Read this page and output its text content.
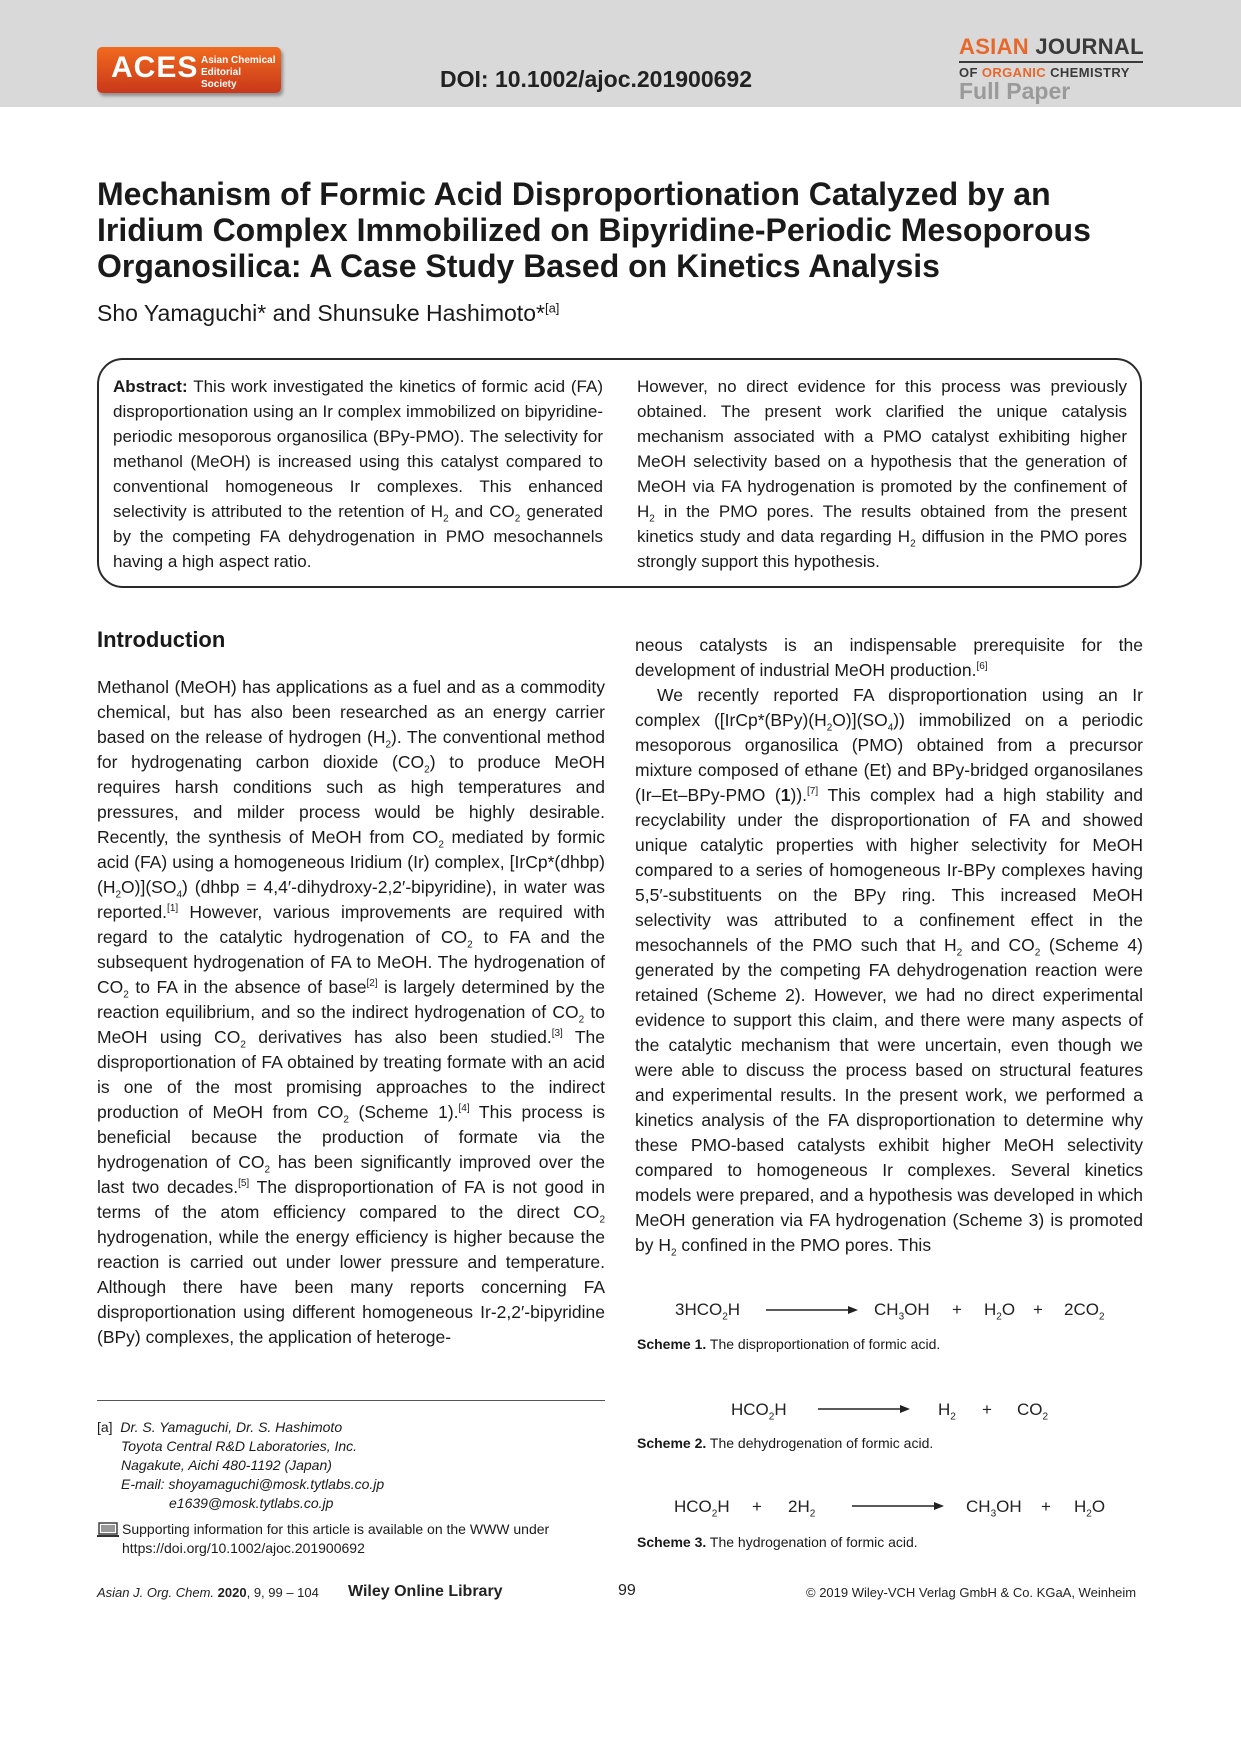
ACES Asian Chemical Editorial Society	DOI: 10.1002/ajoc.201900692
ASIAN JOURNAL
OF ORGANIC CHEMISTRY
Full Paper
Mechanism of Formic Acid Disproportionation Catalyzed by an Iridium Complex Immobilized on Bipyridine-Periodic Mesoporous Organosilica: A Case Study Based on Kinetics Analysis
Sho Yamaguchi* and Shunsuke Hashimoto*[a]
Abstract: This work investigated the kinetics of formic acid (FA) disproportionation using an Ir complex immobilized on bipyridine-periodic mesoporous organosilica (BPy-PMO). The selectivity for methanol (MeOH) is increased using this catalyst compared to conventional homogeneous Ir complexes. This enhanced selectivity is attributed to the retention of $H_2$ and $CO_2$ generated by the competing FA dehydrogenation in PMO mesochannels having a high aspect ratio.
However, no direct evidence for this process was previously obtained. The present work clarified the unique catalysis mechanism associated with a PMO catalyst exhibiting higher MeOH selectivity based on a hypothesis that the generation of MeOH via FA hydrogenation is promoted by the confinement of $H_2$ in the PMO pores. The results obtained from the present kinetics study and data regarding $H_2$ diffusion in the PMO pores strongly support this hypothesis.
Introduction

Methanol (MeOH) has applications as a fuel and as a commodity chemical, but has also been researched as an energy carrier based on the release of hydrogen $(H_2)$. The conventional method for hydrogenating carbon dioxide $(CO_2)$ to produce MeOH requires harsh conditions such as high temperatures and pressures, and milder process would be highly desirable. Recently, the synthesis of MeOH from $CO_2$ mediated by formic acid (FA) using a homogeneous Iridium (Ir) complex, $[IrCp*(dhbp)(H_2O)](SO_4)$ (dhbp = 4,4′-dihydroxy-2,2′-bipyridine), in water was reported.[1] However, various improvements are required with regard to the catalytic hydrogenation of $CO_2$ to FA and the subsequent hydrogenation of FA to MeOH. The hydrogenation of $CO_2$ to FA in the absence of base[2] is largely determined by the reaction equilibrium, and so the indirect hydrogenation of $CO_2$ to MeOH using $CO_2$ derivatives has also been studied.[3] The disproportionation of FA obtained by treating formate with an acid is one of the most promising approaches to the indirect production of MeOH from $CO_2$ (Scheme 1).[4] This process is beneficial because the production of formate via the hydrogenation of $CO_2$ has been significantly improved over the last two decades.[5] The disproportionation of FA is not good in terms of the atom efficiency compared to the direct $CO_2$ hydrogenation, while the energy efficiency is higher because the reaction is carried out under lower pressure and temperature. Although there have been many reports concerning FA disproportionation using different homogeneous Ir-2,2′-bipyridine (BPy) complexes, the application of heteroge-

neous catalysts is an indispensable prerequisite for the development of industrial MeOH production.[6]

We recently reported FA disproportionation using an Ir complex $([IrCp*(BPy)(H_2O)](SO_4))$ immobilized on a periodic mesoporous organosilica (PMO) obtained from a precursor mixture composed of ethane (Et) and BPy-bridged organosilanes (Ir–Et–BPy-PMO (1)).[7] This complex had a high stability and recyclability under the disproportionation of FA and showed unique catalytic properties with higher selectivity for MeOH compared to a series of homogeneous Ir-BPy complexes having 5,5′-substituents on the BPy ring. This increased MeOH selectivity was attributed to a confinement effect in the mesochannels of the PMO such that $H_2$ and $CO_2$ (Scheme 4) generated by the competing FA dehydrogenation reaction were retained (Scheme 2). However, we had no direct experimental evidence to support this claim, and there were many aspects of the catalytic mechanism that were uncertain, even though we were able to discuss the process based on structural features and experimental results. In the present work, we performed a kinetics analysis of the FA disproportionation to determine why these PMO-based catalysts exhibit higher MeOH selectivity compared to homogeneous Ir complexes. Several kinetics models were prepared, and a hypothesis was developed in which MeOH generation via FA hydrogenation (Scheme 3) is promoted by $H_2$ confined in the PMO pores. This

$3HCO_2H$	$CH_3OH + H_2O + 2CO_2$
Scheme 1. The disproportionation of formic acid.
$HCO_2H$	$H_2 + CO_2$
Scheme 2. The dehydrogenation of formic acid.
$HCO_2H + 2H_2$	$CH_3OH + H_2O$
Scheme 3. The hydrogenation of formic acid.
[a] Dr. S. Yamaguchi, Dr. S. Hashimoto
Toyota Central R&D Laboratories, Inc.
Nagakute, Aichi 480-1192 (Japan)
E-mail: shoyamaguchi@mosk.tytlabs.co.jp
e1639@mosk.tytlabs.co.jp
Supporting information for this article is available on the WWW under https://doi.org/10.1002/ajoc.201900692
Asian J. Org. Chem. 2020, 9, 99 – 104 Wiley Online Library	99	© 2019 Wiley-VCH Verlag GmbH & Co. KGaA, Weinheim
